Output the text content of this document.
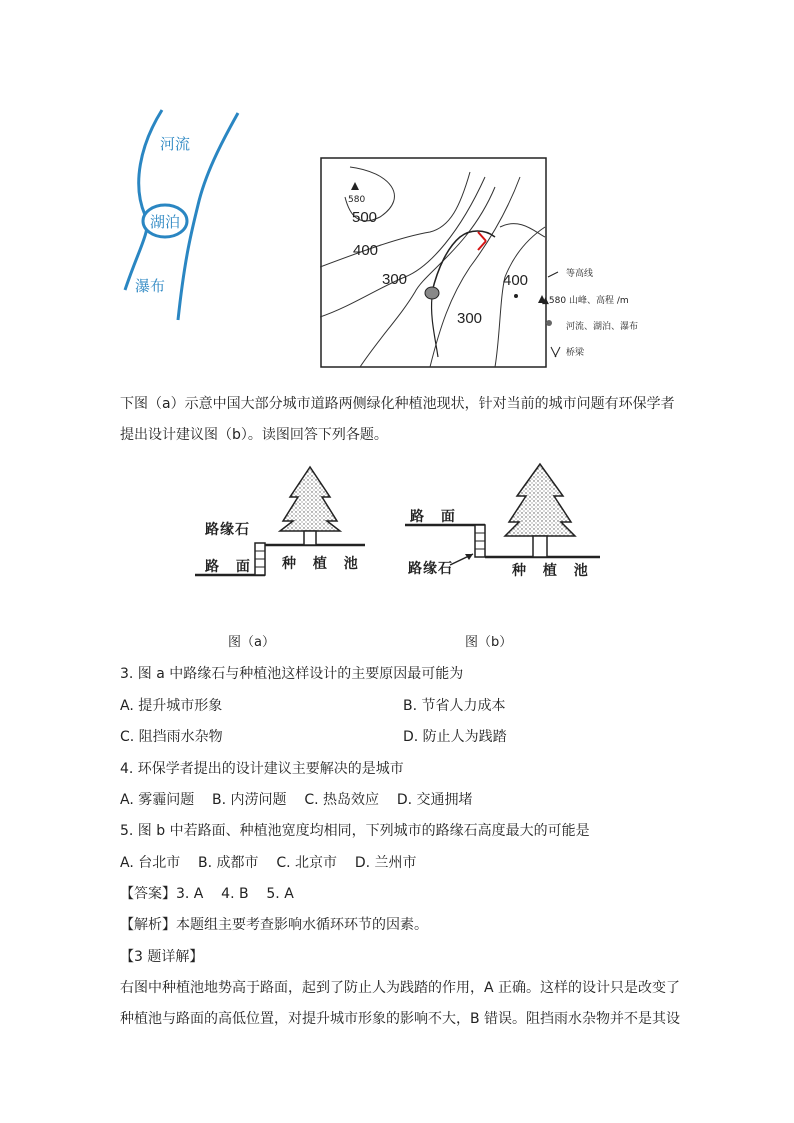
河流
湖泊
瀑布
580
500
400
300	400
300
等高线
▲580 山峰、高程 /m
河流、湖泊、瀑布
桥梁
下图（a）示意中国大部分城市道路两侧绿化种植池现状，针对当前的城市问题有环保学者
提出设计建议图（b）。读图回答下列各题。
路缘石
路 面 种 植 池
路 面
路缘石	种 植 池
图（a）	图（b）
3. 图 a 中路缘石与种植池这样设计的主要原因最可能为
A. 提升城市形象	B. 节省人力成本
C. 阻挡雨水杂物	D. 防止人为践踏
4. 环保学者提出的设计建议主要解决的是城市
A. 雾霾问题    B. 内涝问题    C. 热岛效应    D. 交通拥堵
5. 图 b 中若路面、种植池宽度均相同，下列城市的路缘石高度最大的可能是
A. 台北市    B. 成都市    C. 北京市    D. 兰州市
【答案】3. A    4. B    5. A
【解析】本题组主要考查影响水循环环节的因素。
【3 题详解】
右图中种植池地势高于路面，起到了防止人为践踏的作用，A 正确。这样的设计只是改变了
种植池与路面的高低位置，对提升城市形象的影响不大，B 错误。阻挡雨水杂物并不是其设
